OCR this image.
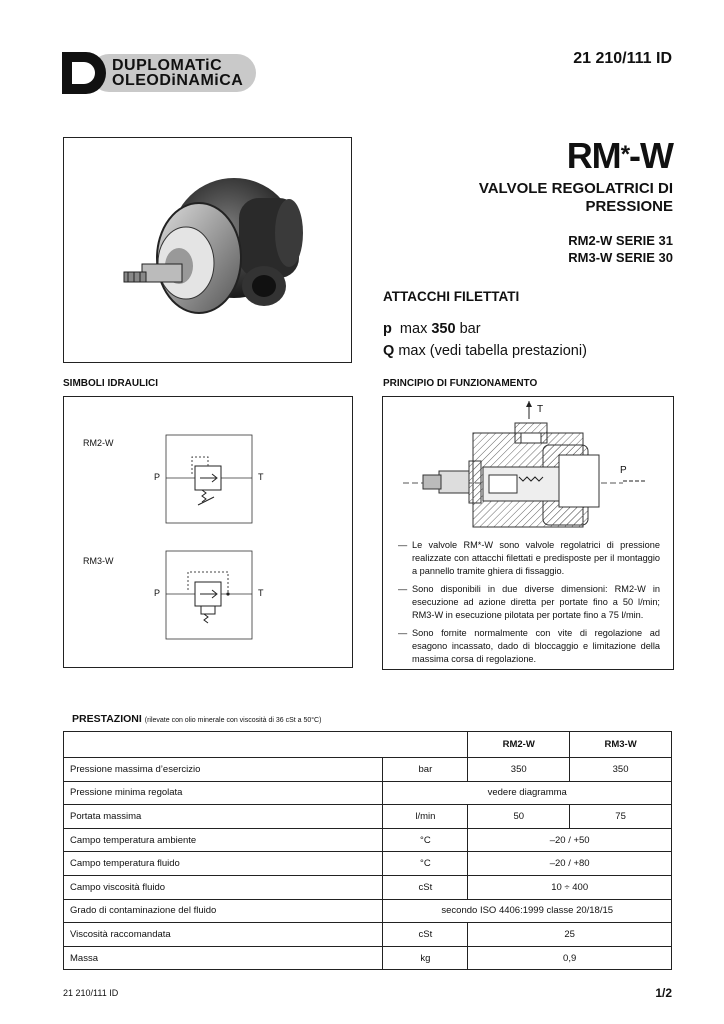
DUPLOMATiC
OLEODiNAMiCA
21 210/111 ID
RM*-W
VALVOLE REGOLATRICI DI
PRESSIONE
RM2-W SERIE 31
RM3-W SERIE 30
ATTACCHI FILETTATI
p max 350 bar
Q max (vedi tabella prestazioni)
SIMBOLI IDRAULICI	PRINCIPIO DI FUNZIONAMENTO
RM2-W
RM3-W
P	T
P	T
T
P
— Le valvole RM*-W sono valvole regolatrici di pressione realizzate con attacchi filettati e predisposte per il montaggio a pannello tramite ghiera di fissaggio.
— Sono disponibili in due diverse dimensioni: RM2-W in esecuzione ad azione diretta per portate fino a 50 l/min; RM3-W in esecuzione pilotata per portate fino a 75 l/min.
— Sono fornite normalmente con vite di regolazione ad esagono incassato, dado di bloccaggio e limitazione della massima corsa di regolazione.
PRESTAZIONI (rilevate con olio minerale con viscosità di 36 cSt a 50°C)
		RM2-W	RM3-W
Pressione massima d’esercizio	bar	350	350
Pressione minima regolata	vedere diagramma		
Portata massima	l/min	50	75
Campo temperatura ambiente	°C	–20 / +50	
Campo temperatura fluido	°C	–20 / +80	
Campo viscosità fluido	cSt	10 ÷ 400	
Grado di contaminazione del fluido	secondo ISO 4406:1999 classe 20/18/15		
Viscosità raccomandata	cSt	25	
Massa	kg	0,9	
21 210/111 ID	1/2
